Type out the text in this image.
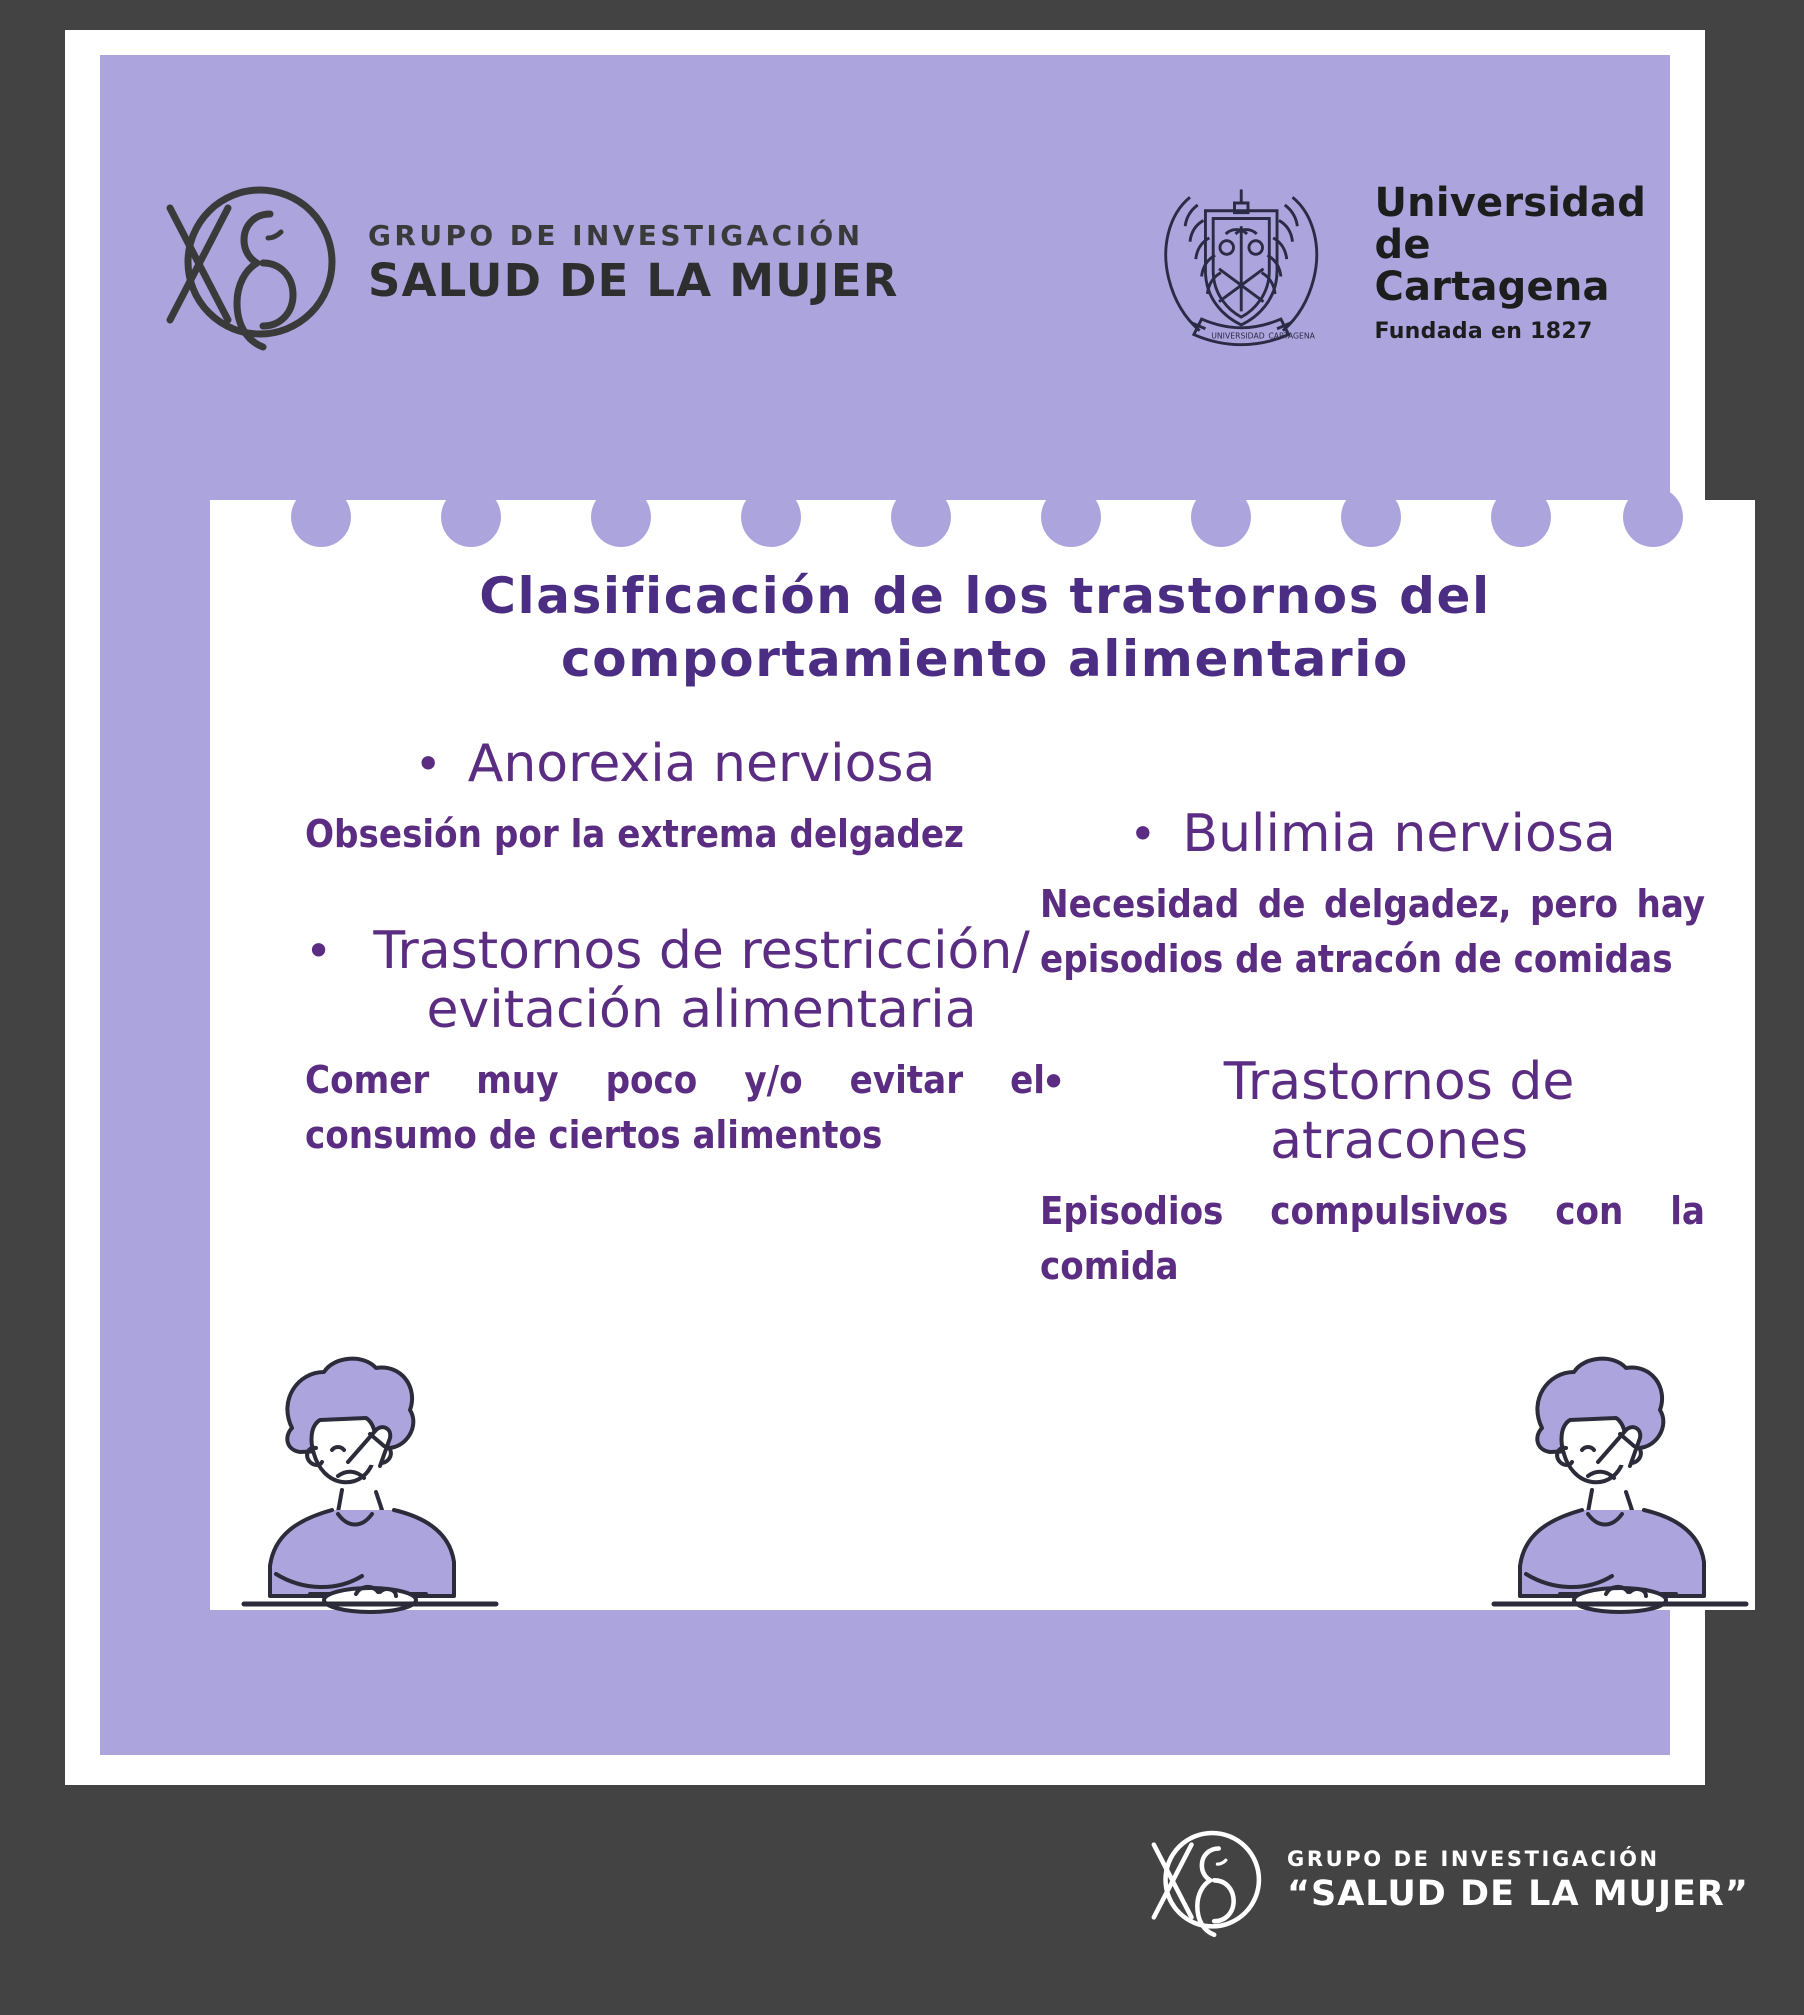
GRUPO DE INVESTIGACIÓN
SALUD DE LA MUJER
UNIVERSIDAD CARTAGENA
Universidad
de Cartagena
Fundada en 1827
Clasificación de los trastornos del comportamiento alimentario
• Anorexia nerviosa
Obsesión por la extrema delgadez
• Trastornos de restricción/ evitación alimentaria
Comer muy poco y/o evitar el consumo de ciertos alimentos
• Bulimia nerviosa
Necesidad de delgadez, pero hay episodios de atracón de comidas
•	Trastornos de atracones
Episodios compulsivos con la comida
GRUPO DE INVESTIGACIÓN
“SALUD DE LA MUJER”
